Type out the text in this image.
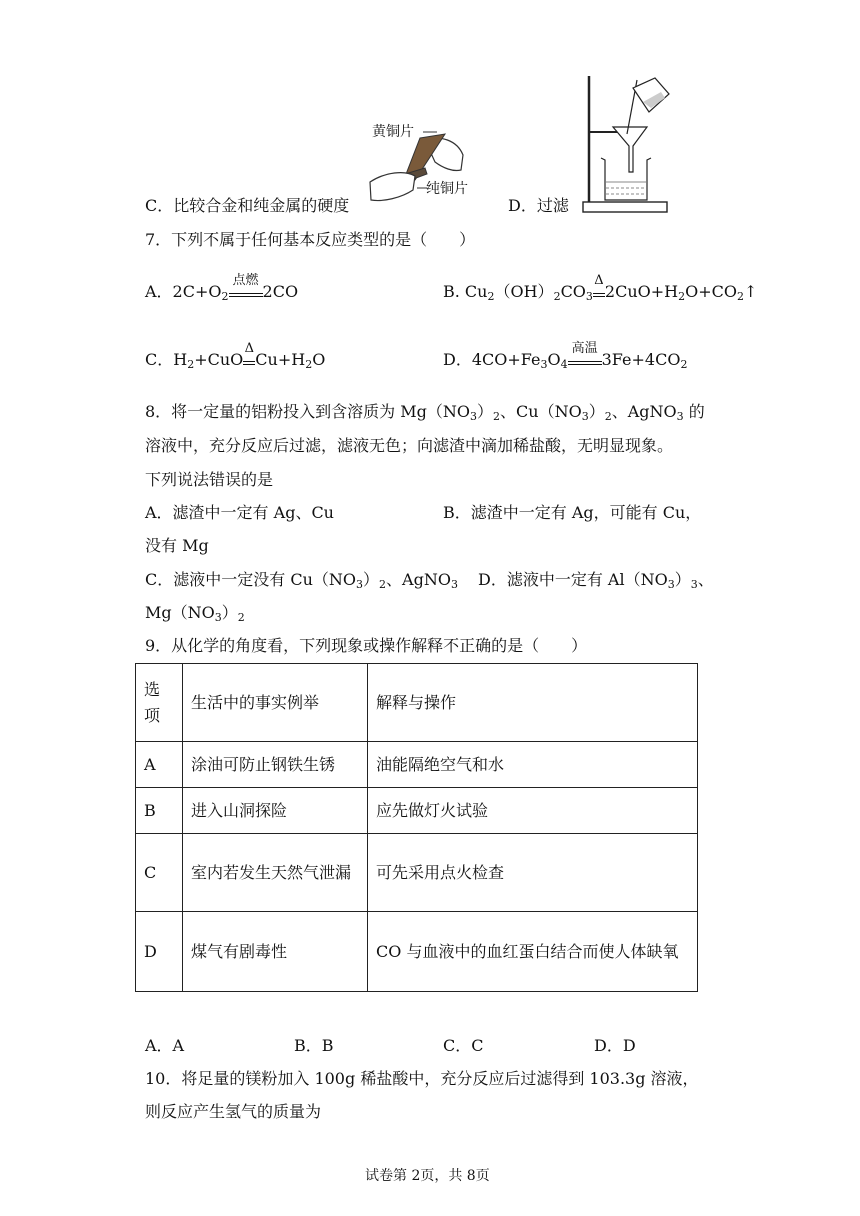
黄铜片
纯铜片
C．比较合金和纯金属的硬度	D．过滤
7．下列不属于任何基本反应类型的是（　　）
A．$2C+O_2$
点燃
2CO	B. $Cu_2(OH)_2CO_3$
Δ
$2CuO+H_2O+CO_2↑$
C．$H_2+CuO$
Δ
$Cu+H_2O$	D．$4CO+Fe_3O_4$
高温
$3Fe+4CO_2$
8．将一定量的铝粉投入到含溶质为 $Mg(NO_3)_2$、$Cu(NO_3)_2$、AgNO$_3$ 的
溶液中，充分反应后过滤，滤液无色；向滤渣中滴加稀盐酸，无明显现象。
下列说法错误的是
A．滤渣中一定有 Ag、Cu	B．滤渣中一定有 Ag，可能有 Cu，
没有 Mg
C．滤液中一定没有 $Cu(NO_3)_2$、AgNO$_3$ D．滤液中一定有 $Al(NO_3)_3$、
$Mg(NO_3)_2$
9．从化学的角度看，下列现象或操作解释不正确的是（　　）
选项	生活中的事实例举	解释与操作
A	涂油可防止钢铁生锈	油能隔绝空气和水
B	进入山洞探险	应先做灯火试验
C	室内若发生天然气泄漏	可先采用点火检查
D	煤气有剧毒性	CO 与血液中的血红蛋白结合而使人体缺氧
A．A	B．B	C．C	D．D
10．将足量的镁粉加入 100g 稀盐酸中，充分反应后过滤得到 103.3g 溶液，
则反应产生氢气的质量为
试卷第 2页，共 8页
